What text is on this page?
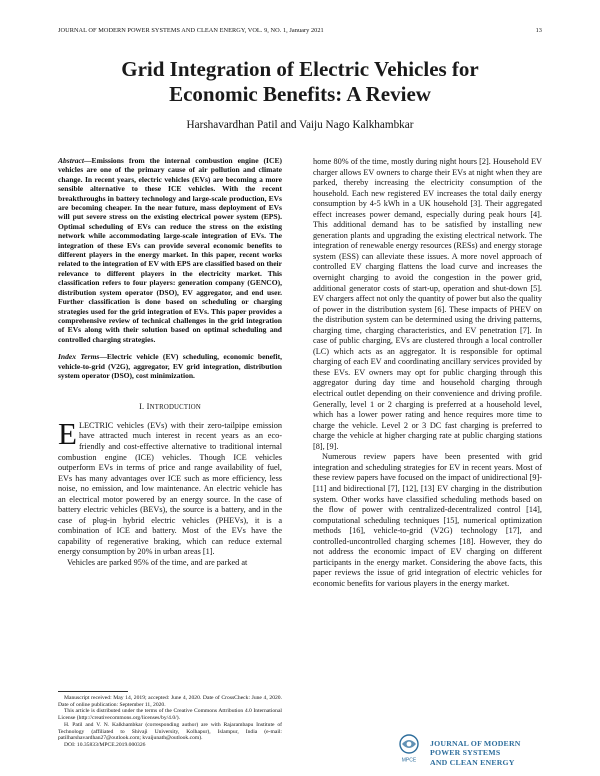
JOURNAL OF MODERN POWER SYSTEMS AND CLEAN ENERGY, VOL. 9, NO. 1, January 2021	13
Grid Integration of Electric Vehicles for
Economic Benefits: A Review
Harshavardhan Patil and Vaiju Nago Kalkhambkar

Abstract—Emissions from the internal combustion engine (ICE) vehicles are one of the primary cause of air pollution and climate change. In recent years, electric vehicles (EVs) are becoming a more sensible alternative to these ICE vehicles. With the recent breakthroughs in battery technology and large-scale production, EVs are becoming cheaper. In the near future, mass deployment of EVs will put severe stress on the existing electrical power system (EPS). Optimal scheduling of EVs can reduce the stress on the existing network while accommodating large-scale integration of EVs. The integration of these EVs can provide several economic benefits to different players in the energy market. In this paper, recent works related to the integration of EV with EPS are classified based on their relevance to different players in the electricity market. This classification refers to four players: generation company (GENCO), distribution system operator (DSO), EV aggregator, and end user. Further classification is done based on scheduling or charging strategies used for the grid integration of EVs. This paper provides a comprehensive review of technical challenges in the grid integration of EVs along with their solution based on optimal scheduling and controlled charging strategies.

Index Terms—Electric vehicle (EV) scheduling, economic benefit, vehicle-to-grid (V2G), aggregator, EV grid integration, distribution system operator (DSO), cost minimization.

I. INTRODUCTION

ELECTRIC vehicles (EVs) with their zero-tailpipe emission have attracted much interest in recent years as an eco-friendly and cost-effective alternative to traditional internal combustion engine (ICE) vehicles. Though ICE vehicles outperform EVs in terms of price and range availability of fuel, EVs has many advantages over ICE such as more efficiency, less noise, no emission, and low maintenance. An electric vehicle has an electrical motor powered by an energy source. In the case of battery electric vehicles (BEVs), the source is a battery, and in the case of plug-in hybrid electric vehicles (PHEVs), it is a combination of ICE and battery. Most of the EVs have the capability of regenerative braking, which can reduce external energy consumption by 20% in urban areas [1].

Vehicles are parked 95% of the time, and are parked at

home 80% of the time, mostly during night hours [2]. Household EV charger allows EV owners to charge their EVs at night when they are parked, thereby increasing the electricity consumption of the household. Each new registered EV increases the total daily energy consumption by 4-5 kWh in a UK household [3]. Their aggregated effect increases power demand, especially during peak hours [4]. This additional demand has to be satisfied by installing new generation plants and upgrading the existing electrical network. The integration of renewable energy resources (RESs) and energy storage system (ESS) can alleviate these issues. A more novel approach of controlled EV charging flattens the load curve and increases the overnight charging to avoid the congestion in the power grid, additional generator costs of start-up, operation and shut-down [5]. EV chargers affect not only the quantity of power but also the quality of power in the distribution system [6]. These impacts of PHEV on the distribution system can be determined using the driving patterns, charging time, charging characteristics, and EV penetration [7]. In case of public charging, EVs are clustered through a local controller (LC) which acts as an aggregator. It is responsible for optimal charging of each EV and coordinating ancillary services provided by these EVs. EV owners may opt for public charging through this aggregator during day time and household charging through electrical outlet depending on their convenience and driving profile. Generally, level 1 or 2 charging is preferred at a household level, which has a lower power rating and hence requires more time to charge the vehicle. Level 2 or 3 DC fast charging is preferred to charge the vehicle at higher charging rate at public charging stations [8], [9].

Numerous review papers have been presented with grid integration and scheduling strategies for EV in recent years. Most of these review papers have focused on the impact of unidirectional [9]-[11] and bidirectional [7], [12], [13] EV charging in the distribution system. Other works have classified scheduling methods based on the flow of power with centralized-decentralized control [14], computational scheduling techniques [15], numerical optimization methods [16], vehicle-to-grid (V2G) technology [17], and controlled-uncontrolled charging schemes [18]. However, they do not address the economic impact of EV charging on different participants in the energy market. Considering the above facts, this paper reviews the issue of grid integration of electric vehicles for economic benefits for various players in the energy market.

Manuscript received: May 14, 2019; accepted: June 4, 2020. Date of CrossCheck: June 4, 2020. Date of online publication: September 11, 2020.

This article is distributed under the terms of the Creative Commons Attribution 4.0 International License (http://creativecommons.org/licenses/by/4.0/).

H. Patil and V. N. Kalkhambkar (corresponding author) are with Rajarambapu Institute of Technology (affiliated to Shivaji University, Kolhapur), Islampur, India (e-mail: patilharshavardhan27@outlook.com; kvaijunath@outlook.com).

DOI: 10.35833/MPCE.2019.000326

MPCE
JOURNAL OF MODERN POWER SYSTEMS
AND CLEAN ENERGY
